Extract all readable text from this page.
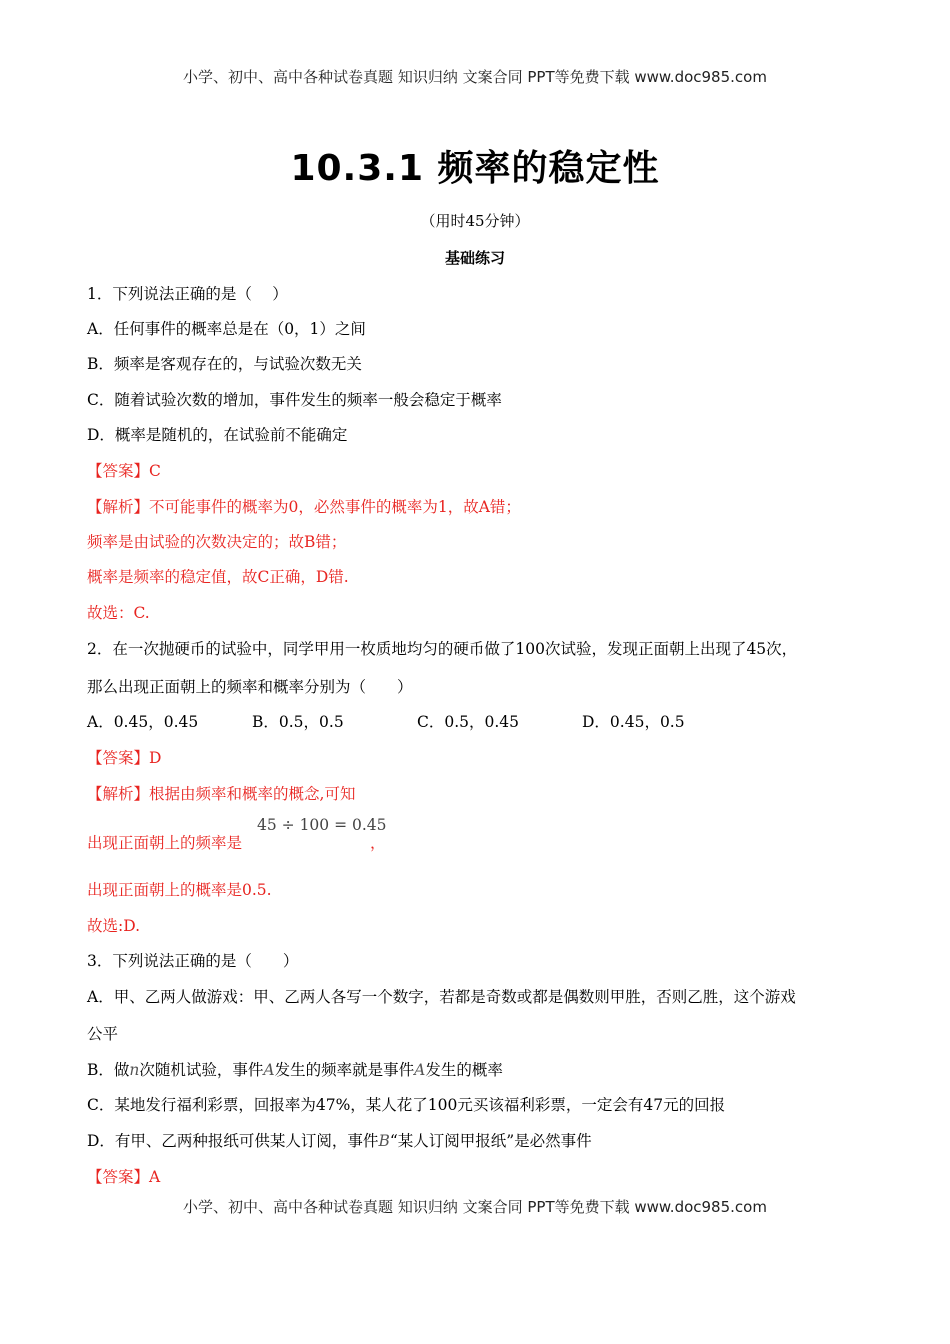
小学、初中、高中各种试卷真题 知识归纳 文案合同 PPT等免费下载 www.doc985.com
10.3.1 频率的稳定性
（用时45分钟）
基础练习
1．下列说法正确的是（　 ）
A．任何事件的概率总是在（0，1）之间
B．频率是客观存在的，与试验次数无关
C．随着试验次数的增加，事件发生的频率一般会稳定于概率
D．概率是随机的，在试验前不能确定
【答案】C
【解析】不可能事件的概率为0，必然事件的概率为1，故A错；
频率是由试验的次数决定的；故B错；
概率是频率的稳定值，故C正确，D错.
故选：C.
2．在一次抛硬币的试验中，同学甲用一枚质地均匀的硬币做了100次试验，发现正面朝上出现了45次，
那么出现正面朝上的频率和概率分别为（　　）
A．0.45，0.45	B．0.5，0.5	C．0.5，0.45	D．0.45，0.5
【答案】D
【解析】根据由频率和概率的概念,可知
出现正面朝上的频率是
45 ÷ 100 = 0.45
，
出现正面朝上的概率是0.5.
故选:D.
3．下列说法正确的是（　　）
A．甲、乙两人做游戏：甲、乙两人各写一个数字，若都是奇数或都是偶数则甲胜，否则乙胜，这个游戏
公平
B．做n次随机试验，事件A发生的频率就是事件A发生的概率
C．某地发行福利彩票，回报率为47%，某人花了100元买该福利彩票，一定会有47元的回报
D．有甲、乙两种报纸可供某人订阅，事件B“某人订阅甲报纸”是必然事件
【答案】A
小学、初中、高中各种试卷真题 知识归纳 文案合同 PPT等免费下载 www.doc985.com
